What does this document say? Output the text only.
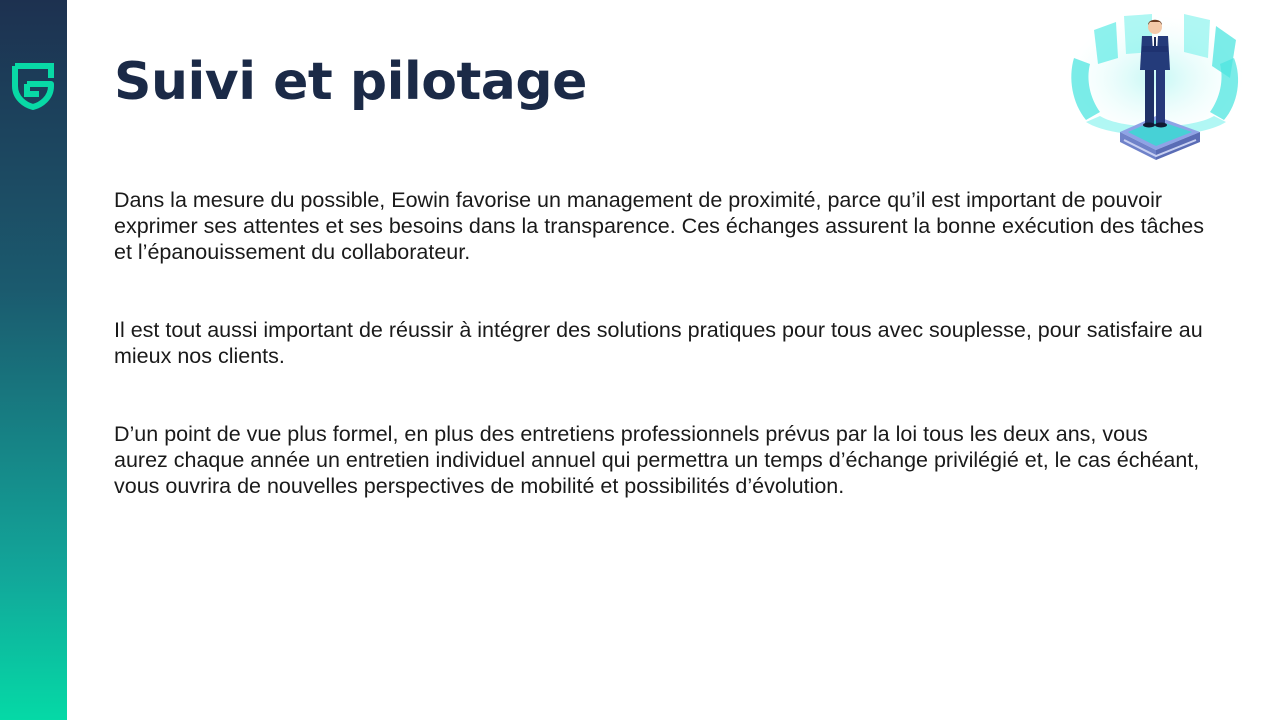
Suivi et pilotage

Dans la mesure du possible, Eowin favorise un management de proximité, parce qu’il est important de pouvoir exprimer ses attentes et ses besoins dans la transparence. Ces échanges assurent la bonne exécution des tâches et l’épanouissement du collaborateur.

Il est tout aussi important de réussir à intégrer des solutions pratiques pour tous avec souplesse, pour satisfaire au mieux nos clients.

D’un point de vue plus formel, en plus des entretiens professionnels prévus par la loi tous les deux ans, vous aurez chaque année un entretien individuel annuel qui permettra un temps d’échange privilégié et, le cas échéant, vous ouvrira de nouvelles perspectives de mobilité et possibilités d’évolution.
